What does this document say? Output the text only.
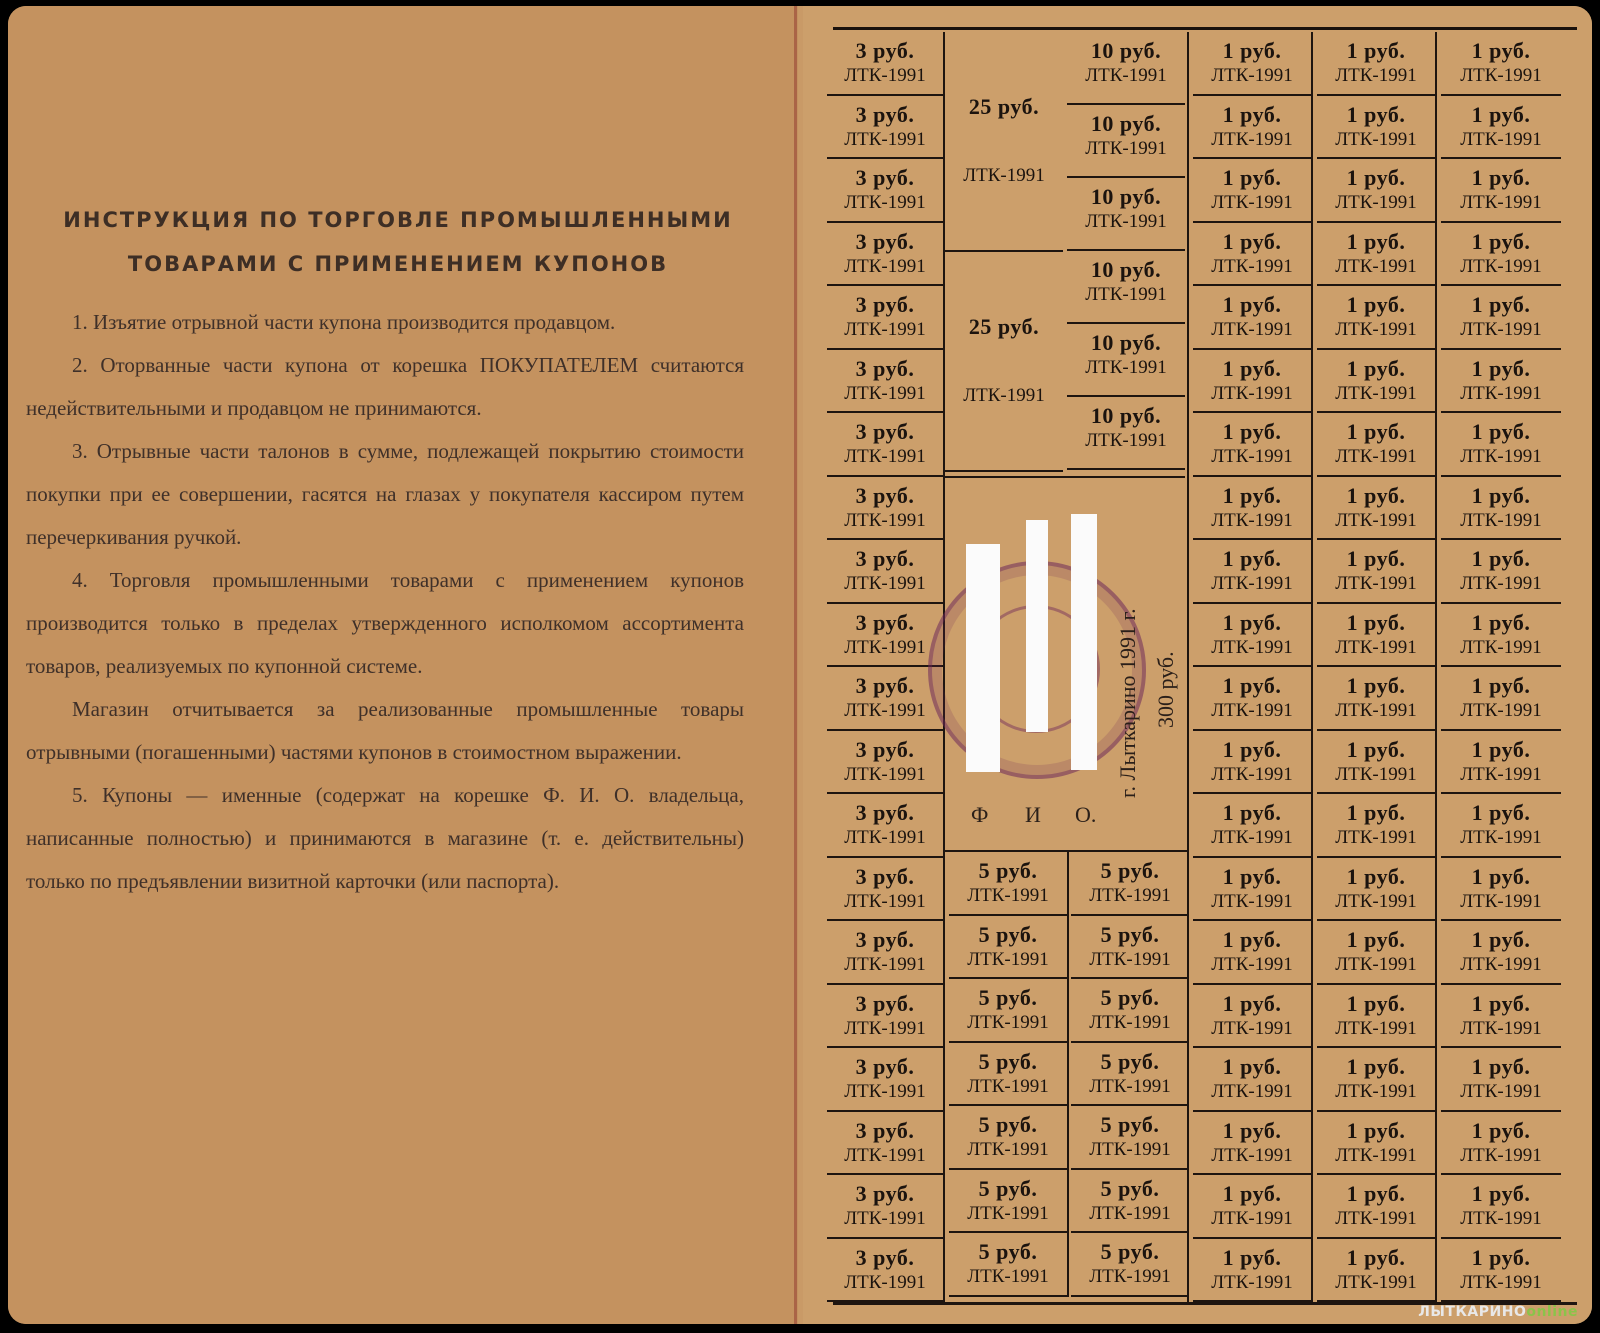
ИНСТРУКЦИЯ ПО ТОРГОВЛЕ ПРОМЫШЛЕННЫМИ
ТОВАРАМИ С ПРИМЕНЕНИЕМ КУПОНОВ

1. Изъятие отрывной части купона производится продавцом.

2. Оторванные части купона от корешка ПОКУПАТЕЛЕМ считаются недействительными и продавцом не принимаются.

3. Отрывные части талонов в сумме, подлежащей покрытию стоимости покупки при ее совершении, гасятся на глазах у покупателя кассиром путем перечеркивания ручкой.

4. Торговля промышленными товарами с применением купонов производится только в пределах утвержденного исполкомом ассортимента товаров, реализуемых по купонной системе.

Магазин отчитывается за реализованные промышленные товары отрывными (погашенными) частями купонов в стоимостном выражении.

5. Купоны — именные (содержат на корешке Ф. И. О. владельца, написанные полностью) и принимаются в магазине (т. е. действительны) только по предъявлении визитной карточки (или паспорта).

3 руб.
ЛТК-1991
3 руб.
ЛТК-1991
3 руб.
ЛТК-1991
3 руб.
ЛТК-1991
3 руб.
ЛТК-1991
3 руб.
ЛТК-1991
3 руб.
ЛТК-1991
3 руб.
ЛТК-1991
3 руб.
ЛТК-1991
3 руб.
ЛТК-1991
3 руб.
ЛТК-1991
3 руб.
ЛТК-1991
3 руб.
ЛТК-1991
3 руб.
ЛТК-1991
3 руб.
ЛТК-1991
3 руб.
ЛТК-1991
3 руб.
ЛТК-1991
3 руб.
ЛТК-1991
3 руб.
ЛТК-1991
3 руб.
ЛТК-1991
25 руб.
ЛТК-1991
25 руб.
ЛТК-1991
10 руб.
ЛТК-1991
10 руб.
ЛТК-1991
10 руб.
ЛТК-1991
10 руб.
ЛТК-1991
10 руб.
ЛТК-1991
10 руб.
ЛТК-1991
5 руб.
ЛТК-1991
5 руб.
ЛТК-1991
5 руб.
ЛТК-1991
5 руб.
ЛТК-1991
5 руб.
ЛТК-1991
5 руб.
ЛТК-1991
5 руб.
ЛТК-1991
5 руб.
ЛТК-1991
5 руб.
ЛТК-1991
5 руб.
ЛТК-1991
5 руб.
ЛТК-1991
5 руб.
ЛТК-1991
5 руб.
ЛТК-1991
5 руб.
ЛТК-1991
1 руб.
ЛТК-1991
1 руб.
ЛТК-1991
1 руб.
ЛТК-1991
1 руб.
ЛТК-1991
1 руб.
ЛТК-1991
1 руб.
ЛТК-1991
1 руб.
ЛТК-1991
1 руб.
ЛТК-1991
1 руб.
ЛТК-1991
1 руб.
ЛТК-1991
1 руб.
ЛТК-1991
1 руб.
ЛТК-1991
1 руб.
ЛТК-1991
1 руб.
ЛТК-1991
1 руб.
ЛТК-1991
1 руб.
ЛТК-1991
1 руб.
ЛТК-1991
1 руб.
ЛТК-1991
1 руб.
ЛТК-1991
1 руб.
ЛТК-1991
1 руб.
ЛТК-1991
1 руб.
ЛТК-1991
1 руб.
ЛТК-1991
1 руб.
ЛТК-1991
1 руб.
ЛТК-1991
1 руб.
ЛТК-1991
1 руб.
ЛТК-1991
1 руб.
ЛТК-1991
1 руб.
ЛТК-1991
1 руб.
ЛТК-1991
1 руб.
ЛТК-1991
1 руб.
ЛТК-1991
1 руб.
ЛТК-1991
1 руб.
ЛТК-1991
1 руб.
ЛТК-1991
1 руб.
ЛТК-1991
1 руб.
ЛТК-1991
1 руб.
ЛТК-1991
1 руб.
ЛТК-1991
1 руб.
ЛТК-1991
1 руб.
ЛТК-1991
1 руб.
ЛТК-1991
1 руб.
ЛТК-1991
1 руб.
ЛТК-1991
1 руб.
ЛТК-1991
1 руб.
ЛТК-1991
1 руб.
ЛТК-1991
1 руб.
ЛТК-1991
1 руб.
ЛТК-1991
1 руб.
ЛТК-1991
1 руб.
ЛТК-1991
1 руб.
ЛТК-1991
1 руб.
ЛТК-1991
1 руб.
ЛТК-1991
1 руб.
ЛТК-1991
1 руб.
ЛТК-1991
1 руб.
ЛТК-1991
1 руб.
ЛТК-1991
1 руб.
ЛТК-1991
1 руб.
ЛТК-1991
г. Лыткарино 1991 г. 300 руб.
Ф И О.
ЛЫТКАРИНОonline
